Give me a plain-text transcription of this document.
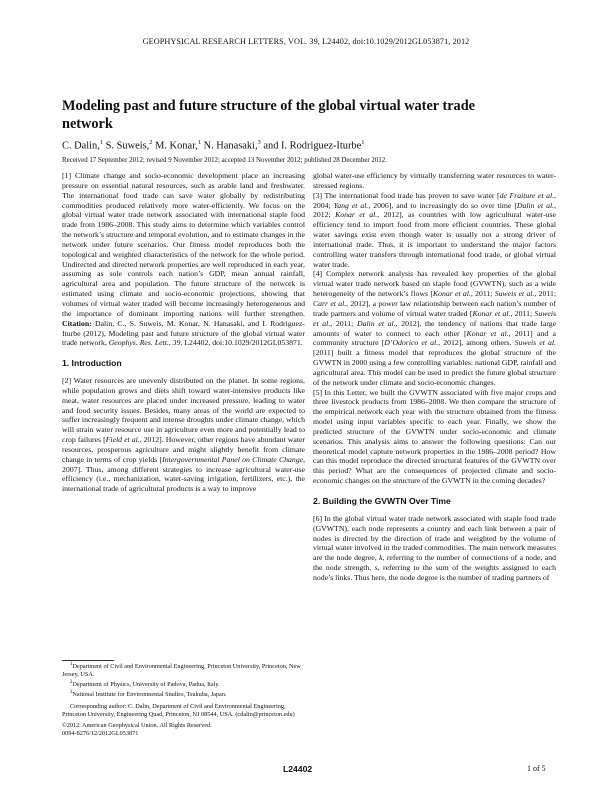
GEOPHYSICAL RESEARCH LETTERS, VOL. 39, L24402, doi:10.1029/2012GL053871, 2012
Modeling past and future structure of the global virtual water trade network
C. Dalin,$^1$ S. Suweis,$^2$ M. Konar,$^1$ N. Hanasaki,$^3$ and I. Rodriguez-Iturbe$^1$
Received 17 September 2012; revised 9 November 2012; accepted 13 November 2012; published 28 December 2012.

[1] Climate change and socio-economic development place an increasing pressure on essential natural resources, such as arable land and freshwater. The international food trade can save water globally by redistributing commodities produced relatively more water-efficiently. We focus on the global virtual water trade network associated with international staple food trade from 1986–2008. This study aims to determine which variables control the network’s structure and temporal evolution, and to estimate changes in the network under future scenarios. Our fitness model reproduces both the topological and weighted characteristics of the network for the whole period. Undirected and directed network properties are well reproduced in each year, assuming as sole controls each nation’s GDP, mean annual rainfall, agricultural area and population. The future structure of the network is estimated using climate and socio-economic projections, showing that volumes of virtual water traded will become increasingly heterogeneous and the importance of dominant importing nations will further strengthen. Citation: Dalin, C., S. Suweis, M. Konar, N. Hanasaki, and I. Rodriguez-Iturbe (2012), Modeling past and future structure of the global virtual water trade network, Geophys. Res. Lett., 39, L24402, doi:10.1029/2012GL053871.

1. Introduction

[2] Water resources are unevenly distributed on the planet. In some regions, while population grows and diets shift toward water-intensive products like meat, water resources are placed under increased pressure, leading to water and food security issues. Besides, many areas of the world are expected to suffer increasingly frequent and intense droughts under climate change, which will strain water resource use in agriculture even more and potentially lead to crop failures [Field et al., 2012]. However, other regions have abundant water resources, prosperous agriculture and might slightly benefit from climate change in terms of crop yields [Intergovernmental Panel on Climate Change, 2007]. Thus, among different strategies to increase agricultural water-use efficiency (i.e., mechanization, water-saving irrigation, fertilizers, etc.), the international trade of agricultural products is a way to improve

$^1$Department of Civil and Environmental Engineering, Princeton University, Princeton, New Jersey, USA.
$^2$Department of Physics, University of Padova, Padua, Italy.
$^3$National Institute for Environmental Studies, Tsukuba, Japan.
Corresponding author: C. Dalin, Department of Civil and Environmental Engineering, Princeton University, Engineering Quad, Princeton, NJ 08544, USA. (cdalin@princeton.edu)
©2012. American Geophysical Union. All Rights Reserved.
0094-8276/12/2012GL053871

global water-use efficiency by virtually transferring water resources to water-stressed regions.

[3] The international food trade has proven to save water [de Fraiture et al., 2004; Yang et al., 2006], and to increasingly do so over time [Dalin et al., 2012; Konar et al., 2012], as countries with low agricultural water-use efficiency tend to import food from more efficient countries. These global water savings exist even though water is usually not a strong driver of international trade. Thus, it is important to understand the major factors controlling water transfers through international food trade, or global virtual water trade.

[4] Complex network analysis has revealed key properties of the global virtual water trade network based on staple food (GVWTN), such as a wide heterogeneity of the network’s flows [Konar et al., 2011; Suweis et al., 2011; Carr et al., 2012], a power law relationship between each nation’s number of trade partners and volume of virtual water traded [Konar et al., 2011; Suweis et al., 2011; Dalin et al., 2012], the tendency of nations that trade large amounts of water to connect to each other [Konar et al., 2011] and a community structure [D’Odorico et al., 2012], among others. Suweis et al. [2011] built a fitness model that reproduces the global structure of the GVWTN in 2000 using a few controlling variables: national GDP, rainfall and agricultural area. This model can be used to predict the future global structure of the network under climate and socio-economic changes.

[5] In this Letter, we built the GVWTN associated with five major crops and three livestock products from 1986–2008. We then compare the structure of the empirical network each year with the structure obtained from the fitness model using input variables specific to each year. Finally, we show the predicted structure of the GVWTN under socio-economic and climate scenarios. This analysis aims to answer the following questions: Can our theoretical model capture network properties in the 1986–2008 period? How can this model reproduce the directed structural features of the GVWTN over this period? What are the consequences of projected climate and socio-economic changes on the structure of the GVWTN in the coming decades?

2. Building the GVWTN Over Time

[6] In the global virtual water trade network associated with staple food trade (GVWTN), each node represents a country and each link between a pair of nodes is directed by the direction of trade and weighted by the volume of virtual water involved in the traded commodities. The main network measures are the node degree, k, referring to the number of connections of a node, and the node strength, s, referring to the sum of the weights assigned to each node’s links. Thus here, the node degree is the number of trading partners of

L24402	1 of 5
